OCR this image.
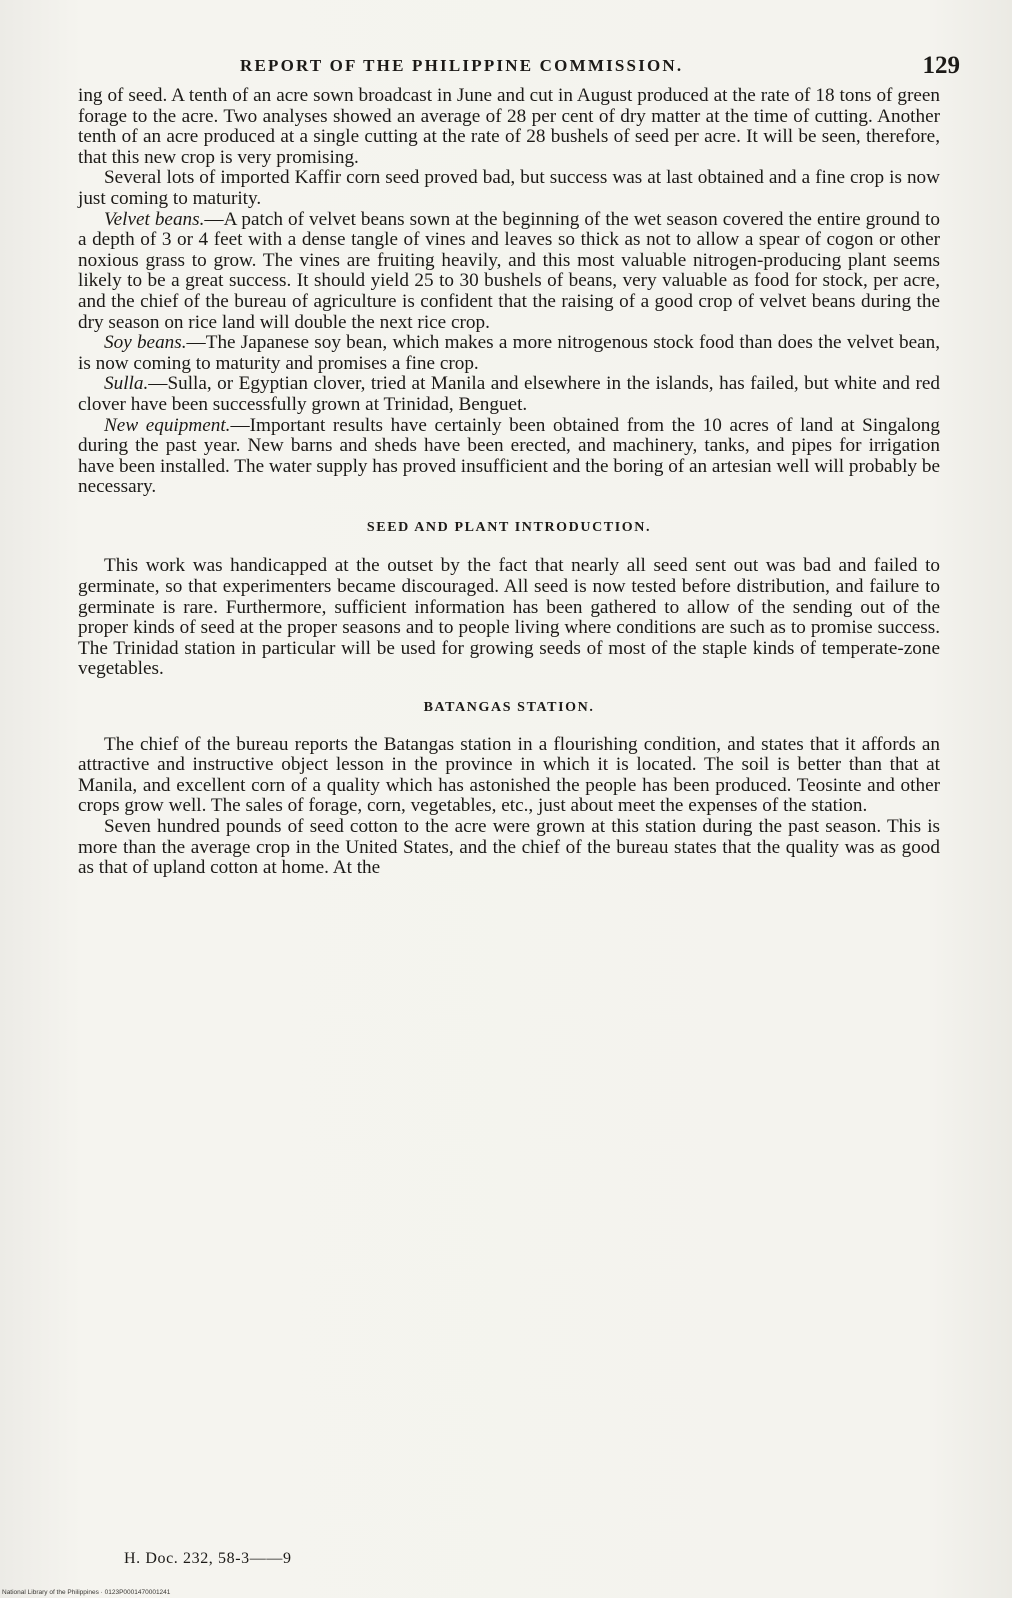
REPORT OF THE PHILIPPINE COMMISSION.	129

ing of seed. A tenth of an acre sown broadcast in June and cut in August produced at the rate of 18 tons of green forage to the acre. Two analyses showed an average of 28 per cent of dry matter at the time of cutting. Another tenth of an acre produced at a single cutting at the rate of 28 bushels of seed per acre. It will be seen, therefore, that this new crop is very promising.

Several lots of imported Kaffir corn seed proved bad, but success was at last obtained and a fine crop is now just coming to maturity.

Velvet beans.—A patch of velvet beans sown at the beginning of the wet season covered the entire ground to a depth of 3 or 4 feet with a dense tangle of vines and leaves so thick as not to allow a spear of cogon or other noxious grass to grow. The vines are fruiting heavily, and this most valuable nitrogen-producing plant seems likely to be a great success. It should yield 25 to 30 bushels of beans, very valuable as food for stock, per acre, and the chief of the bureau of agriculture is confident that the raising of a good crop of velvet beans during the dry season on rice land will double the next rice crop.

Soy beans.—The Japanese soy bean, which makes a more nitrogenous stock food than does the velvet bean, is now coming to maturity and promises a fine crop.

Sulla.—Sulla, or Egyptian clover, tried at Manila and elsewhere in the islands, has failed, but white and red clover have been successfully grown at Trinidad, Benguet.

New equipment.—Important results have certainly been obtained from the 10 acres of land at Singalong during the past year. New barns and sheds have been erected, and machinery, tanks, and pipes for irrigation have been installed. The water supply has proved insufficient and the boring of an artesian well will probably be necessary.

SEED AND PLANT INTRODUCTION.

This work was handicapped at the outset by the fact that nearly all seed sent out was bad and failed to germinate, so that experimenters became discouraged. All seed is now tested before distribution, and failure to germinate is rare. Furthermore, sufficient information has been gathered to allow of the sending out of the proper kinds of seed at the proper seasons and to people living where conditions are such as to promise success. The Trinidad station in particular will be used for growing seeds of most of the staple kinds of temperate-zone vegetables.

BATANGAS STATION.

The chief of the bureau reports the Batangas station in a flourishing condition, and states that it affords an attractive and instructive object lesson in the province in which it is located. The soil is better than that at Manila, and excellent corn of a quality which has astonished the people has been produced. Teosinte and other crops grow well. The sales of forage, corn, vegetables, etc., just about meet the expenses of the station.

Seven hundred pounds of seed cotton to the acre were grown at this station during the past season. This is more than the average crop in the United States, and the chief of the bureau states that the quality was as good as that of upland cotton at home. At the

H. Doc. 232, 58-3——9
National Library of the Philippines · 0123P0001470001241
